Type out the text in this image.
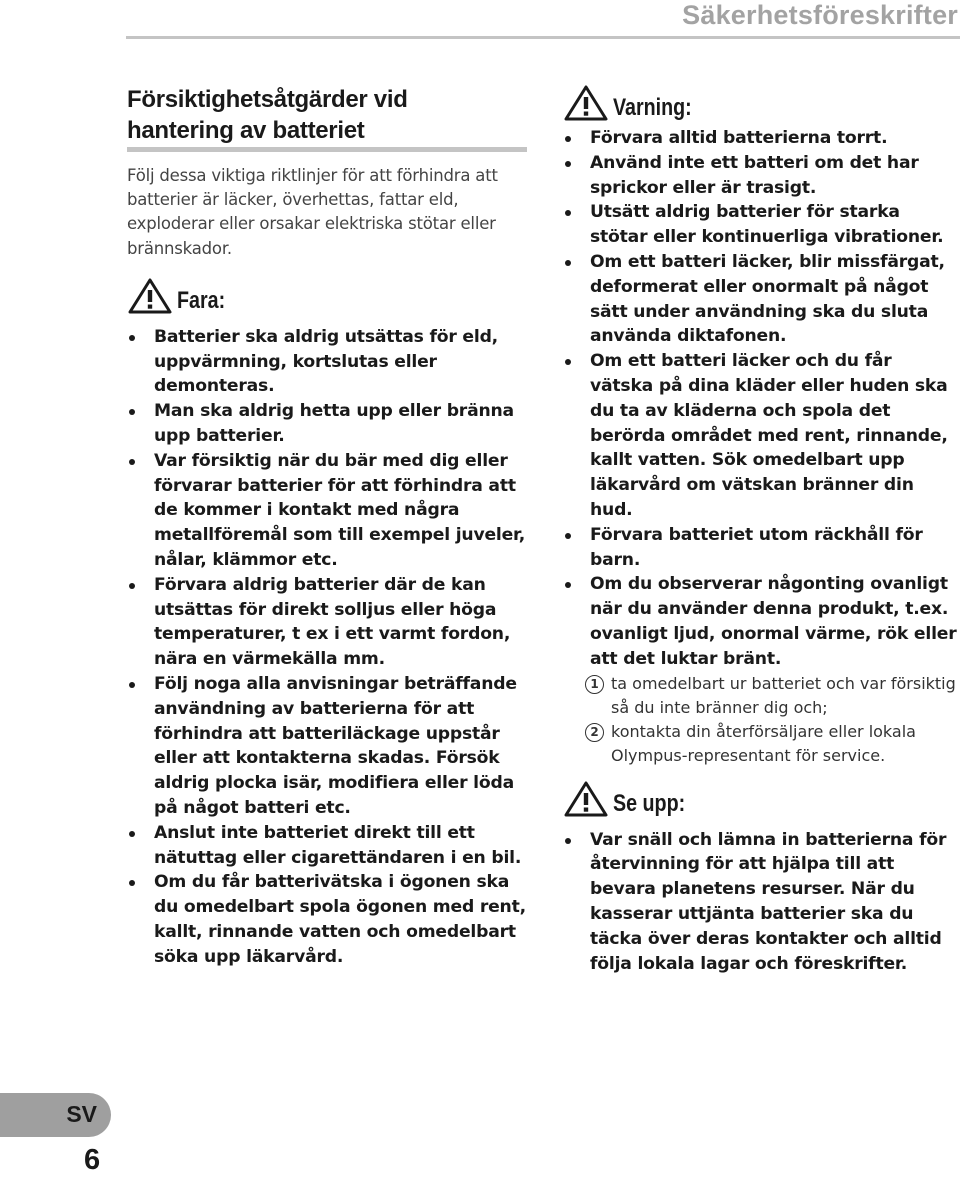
Säkerhetsföreskrifter
Försiktighetsåtgärder vid
hantering av batteriet

Följ dessa viktiga riktlinjer för att förhindra att batterier är läcker, överhettas, fattar eld, exploderar eller orsakar elektriska stötar eller brännskador.

Fara:
Batterier ska aldrig utsättas för eld, uppvärmning, kortslutas eller demonteras.
Man ska aldrig hetta upp eller bränna upp batterier.
Var försiktig när du bär med dig eller förvarar batterier för att förhindra att de kommer i kontakt med några metallföremål som till exempel juveler, nålar, klämmor etc.
Förvara aldrig batterier där de kan utsättas för direkt solljus eller höga temperaturer, t ex i ett varmt fordon, nära en värmekälla mm.
Följ noga alla anvisningar beträffande användning av batterierna för att förhindra att batteriläckage uppstår eller att kontakterna skadas. Försök aldrig plocka isär, modifiera eller löda på något batteri etc.
Anslut inte batteriet direkt till ett nätuttag eller cigarettändaren i en bil.
Om du får batterivätska i ögonen ska du omedelbart spola ögonen med rent, kallt, rinnande vatten och omedelbart söka upp läkarvård.
Varning:
Förvara alltid batterierna torrt.
Använd inte ett batteri om det har sprickor eller är trasigt.
Utsätt aldrig batterier för starka stötar eller kontinuerliga vibrationer.
Om ett batteri läcker, blir missfärgat, deformerat eller onormalt på något sätt under användning ska du sluta använda diktafonen.
Om ett batteri läcker och du får vätska på dina kläder eller huden ska du ta av kläderna och spola det berörda området med rent, rinnande, kallt vatten. Sök omedelbart upp läkarvård om vätskan bränner din hud.
Förvara batteriet utom räckhåll för barn.
Om du observerar någonting ovanligt när du använder denna produkt, t.ex. ovanligt ljud, onormal värme, rök eller att det luktar bränt.
1 ta omedelbart ur batteriet och var försiktig så du inte bränner dig och;
2 kontakta din återförsäljare eller lokala Olympus-representant för service.
Se upp:
Var snäll och lämna in batterierna för återvinning för att hjälpa till att bevara planetens resurser. När du kasserar uttjänta batterier ska du täcka över deras kontakter och alltid följa lokala lagar och föreskrifter.
SV
6
